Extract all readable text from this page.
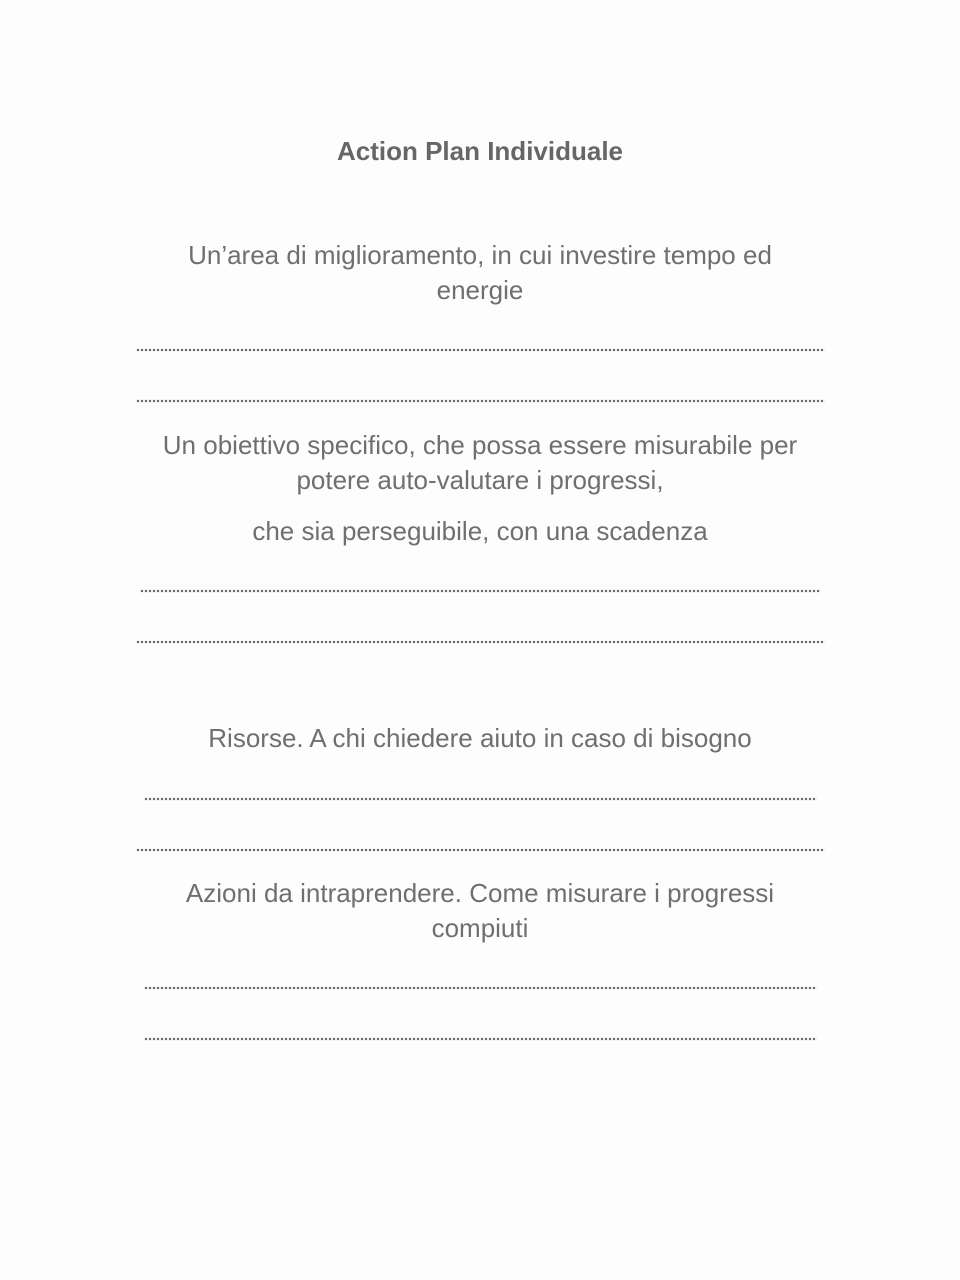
Action Plan Individuale
Un’area di miglioramento, in cui investire tempo ed
energie
Un obiettivo specifico, che possa essere misurabile per
potere auto-valutare i progressi,
che sia perseguibile, con una scadenza
Risorse. A chi chiedere aiuto in caso di bisogno
Azioni da intraprendere. Come misurare i progressi
compiuti
